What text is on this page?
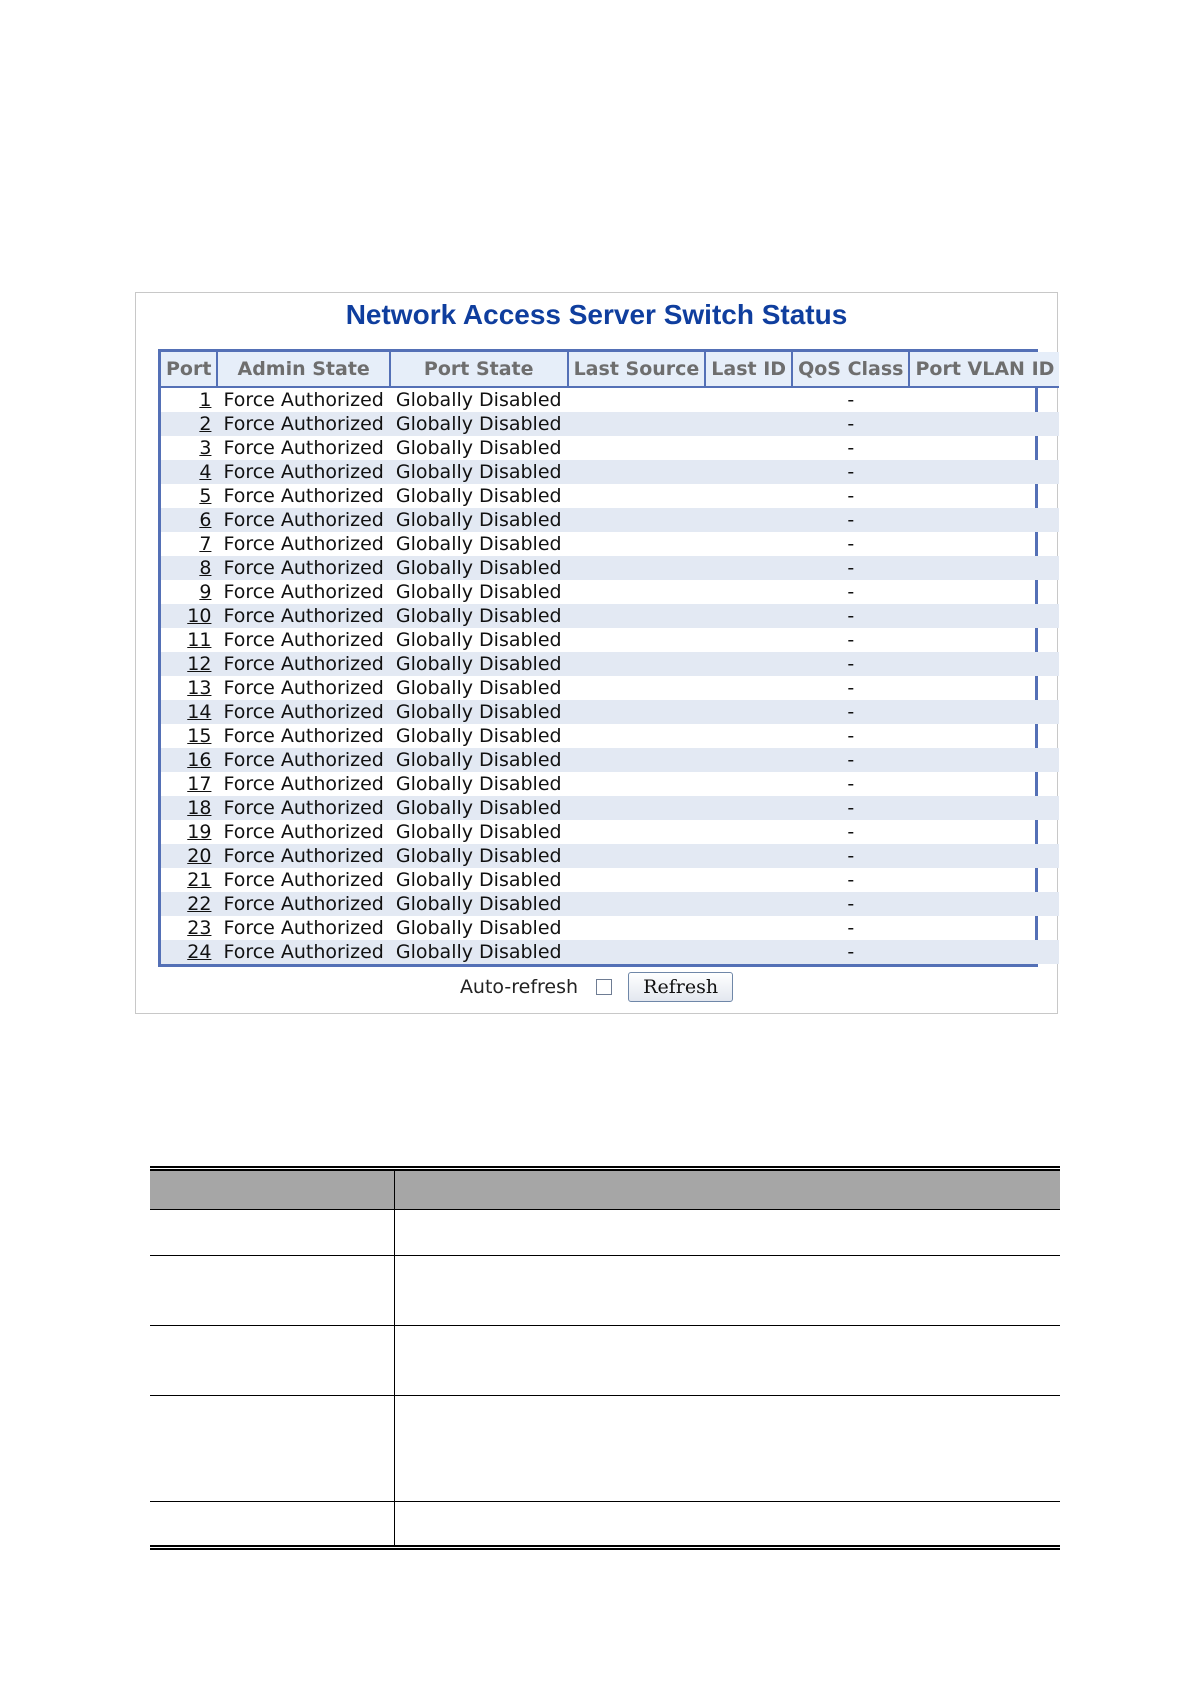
Network Access Server Switch Status
Port	Admin State	Port State	Last Source	Last ID	QoS Class	Port VLAN ID
1	Force Authorized	Globally Disabled			-	
2	Force Authorized	Globally Disabled			-	
3	Force Authorized	Globally Disabled			-	
4	Force Authorized	Globally Disabled			-	
5	Force Authorized	Globally Disabled			-	
6	Force Authorized	Globally Disabled			-	
7	Force Authorized	Globally Disabled			-	
8	Force Authorized	Globally Disabled			-	
9	Force Authorized	Globally Disabled			-	
10	Force Authorized	Globally Disabled			-	
11	Force Authorized	Globally Disabled			-	
12	Force Authorized	Globally Disabled			-	
13	Force Authorized	Globally Disabled			-	
14	Force Authorized	Globally Disabled			-	
15	Force Authorized	Globally Disabled			-	
16	Force Authorized	Globally Disabled			-	
17	Force Authorized	Globally Disabled			-	
18	Force Authorized	Globally Disabled			-	
19	Force Authorized	Globally Disabled			-	
20	Force Authorized	Globally Disabled			-	
21	Force Authorized	Globally Disabled			-	
22	Force Authorized	Globally Disabled			-	
23	Force Authorized	Globally Disabled			-	
24	Force Authorized	Globally Disabled			-	
Auto-refresh	Refresh
